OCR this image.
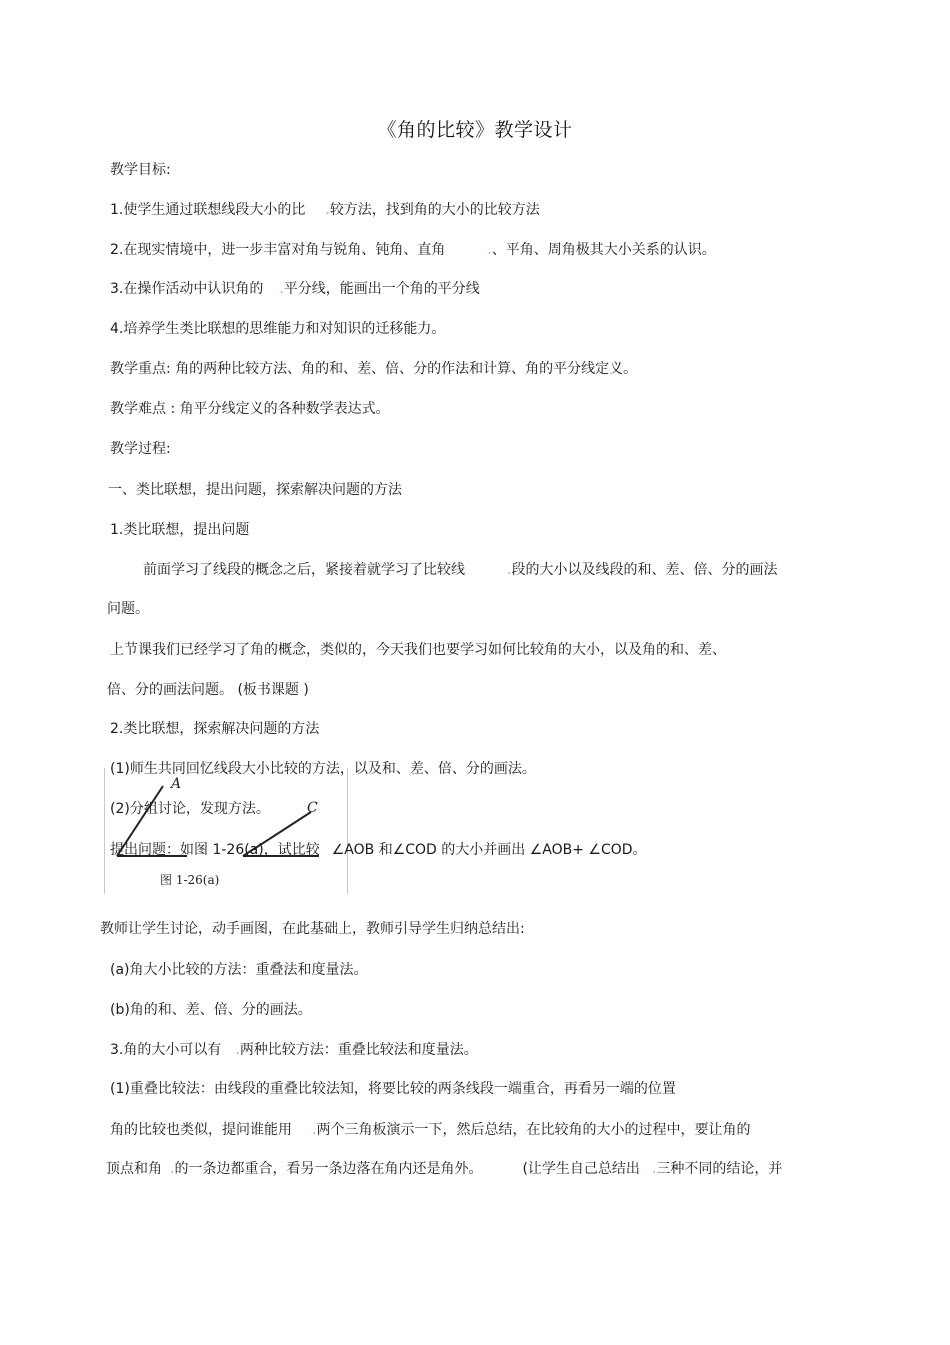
《角的比较》教学设计
教学目标:
1.使学生通过联想线段大小的比 .较方法，找到角的大小的比较方法
2.在现实情境中，进一步丰富对角与锐角、钝角、直角	.、平角、周角极其大小关系的认识。
3.在操作活动中认识角的 .平分线，能画出一个角的平分线
4.培养学生类比联想的思维能力和对知识的迁移能力。
教学重点: 角的两种比较方法、角的和、差、倍、分的作法和计算、角的平分线定义。
教学难点 : 角平分线定义的各种数学表达式。
教学过程:
一、类比联想，提出问题，探索解决问题的方法
1.类比联想，提出问题
前面学习了线段的概念之后，紧接着就学习了比较线	.段的大小以及线段的和、差、倍、分的画法
问题。
上节课我们已经学习了角的概念，类似的，今天我们也要学习如何比较角的大小，以及角的和、差、
倍、分的画法问题。 (板书课题 )
2.类比联想，探索解决问题的方法
(1)师生共同回忆线段大小比较的方法，以及和、差、倍、分的画法。
A
C
图 1-26(a)
(2)分组讨论，发现方法。
提出问题：如图 1-26(a)，试比较 ∠AOB 和∠COD 的大小并画出 ∠AOB+ ∠COD。
教师让学生讨论，动手画图，在此基础上，教师引导学生归纳总结出:
(a)角大小比较的方法：重叠法和度量法。
(b)角的和、差、倍、分的画法。
3.角的大小可以有 .两种比较方法：重叠比较法和度量法。
(1)重叠比较法：由线段的重叠比较法知，将要比较的两条线段一端重合，再看另一端的位置
角的比较也类似，提问谁能用 .两个三角板演示一下，然后总结，在比较角的大小的过程中，要让角的
顶点和角 .的一条边都重合，看另一条边落在角内还是角外。	(让学生自己总结出 .三种不同的结论，并
